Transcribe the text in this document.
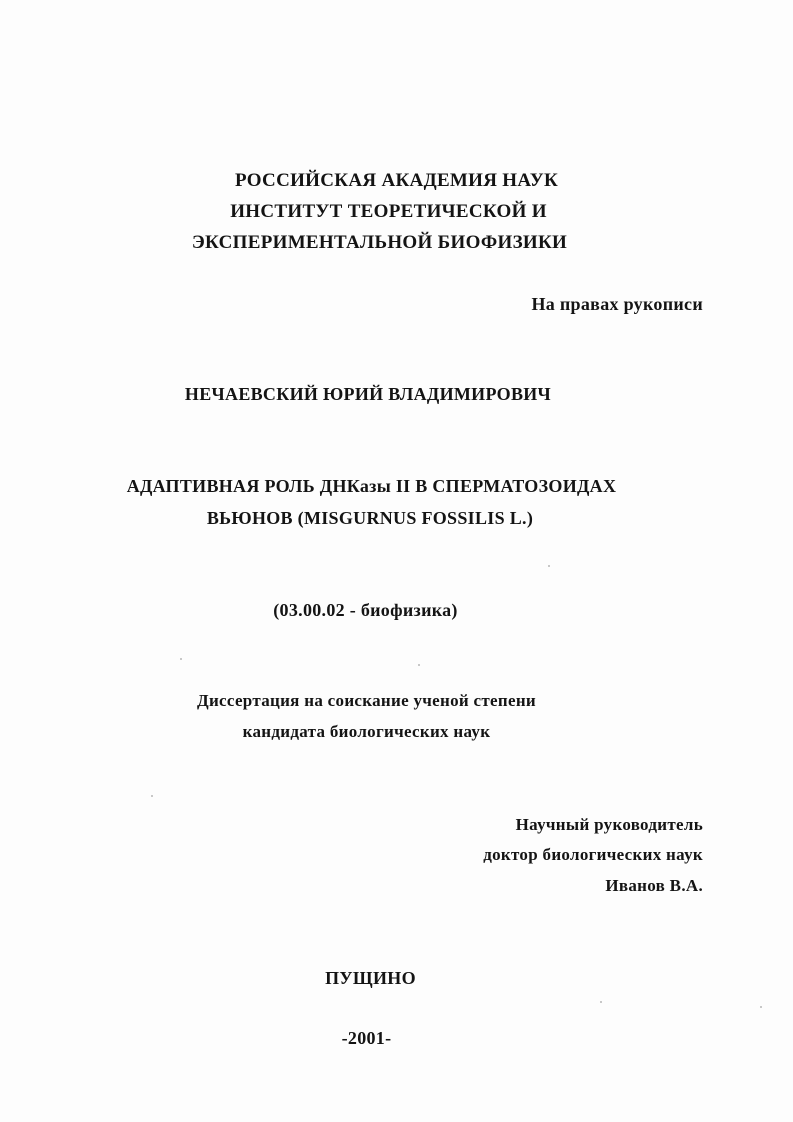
РОССИЙСКАЯ АКАДЕМИЯ НАУК
ИНСТИТУТ ТЕОРЕТИЧЕСКОЙ И
ЭКСПЕРИМЕНТАЛЬНОЙ БИОФИЗИКИ
На правах рукописи
НЕЧАЕВСКИЙ ЮРИЙ ВЛАДИМИРОВИЧ
АДАПТИВНАЯ РОЛЬ ДНКазы II В СПЕРМАТОЗОИДАХ
ВЬЮНОВ (MISGURNUS FOSSILIS L.)
(03.00.02 - биофизика)
Диссертация на соискание ученой степени
кандидата биологических наук
Научный руководитель
доктор биологических наук
Иванов В.А.
ПУЩИНО
-2001-
